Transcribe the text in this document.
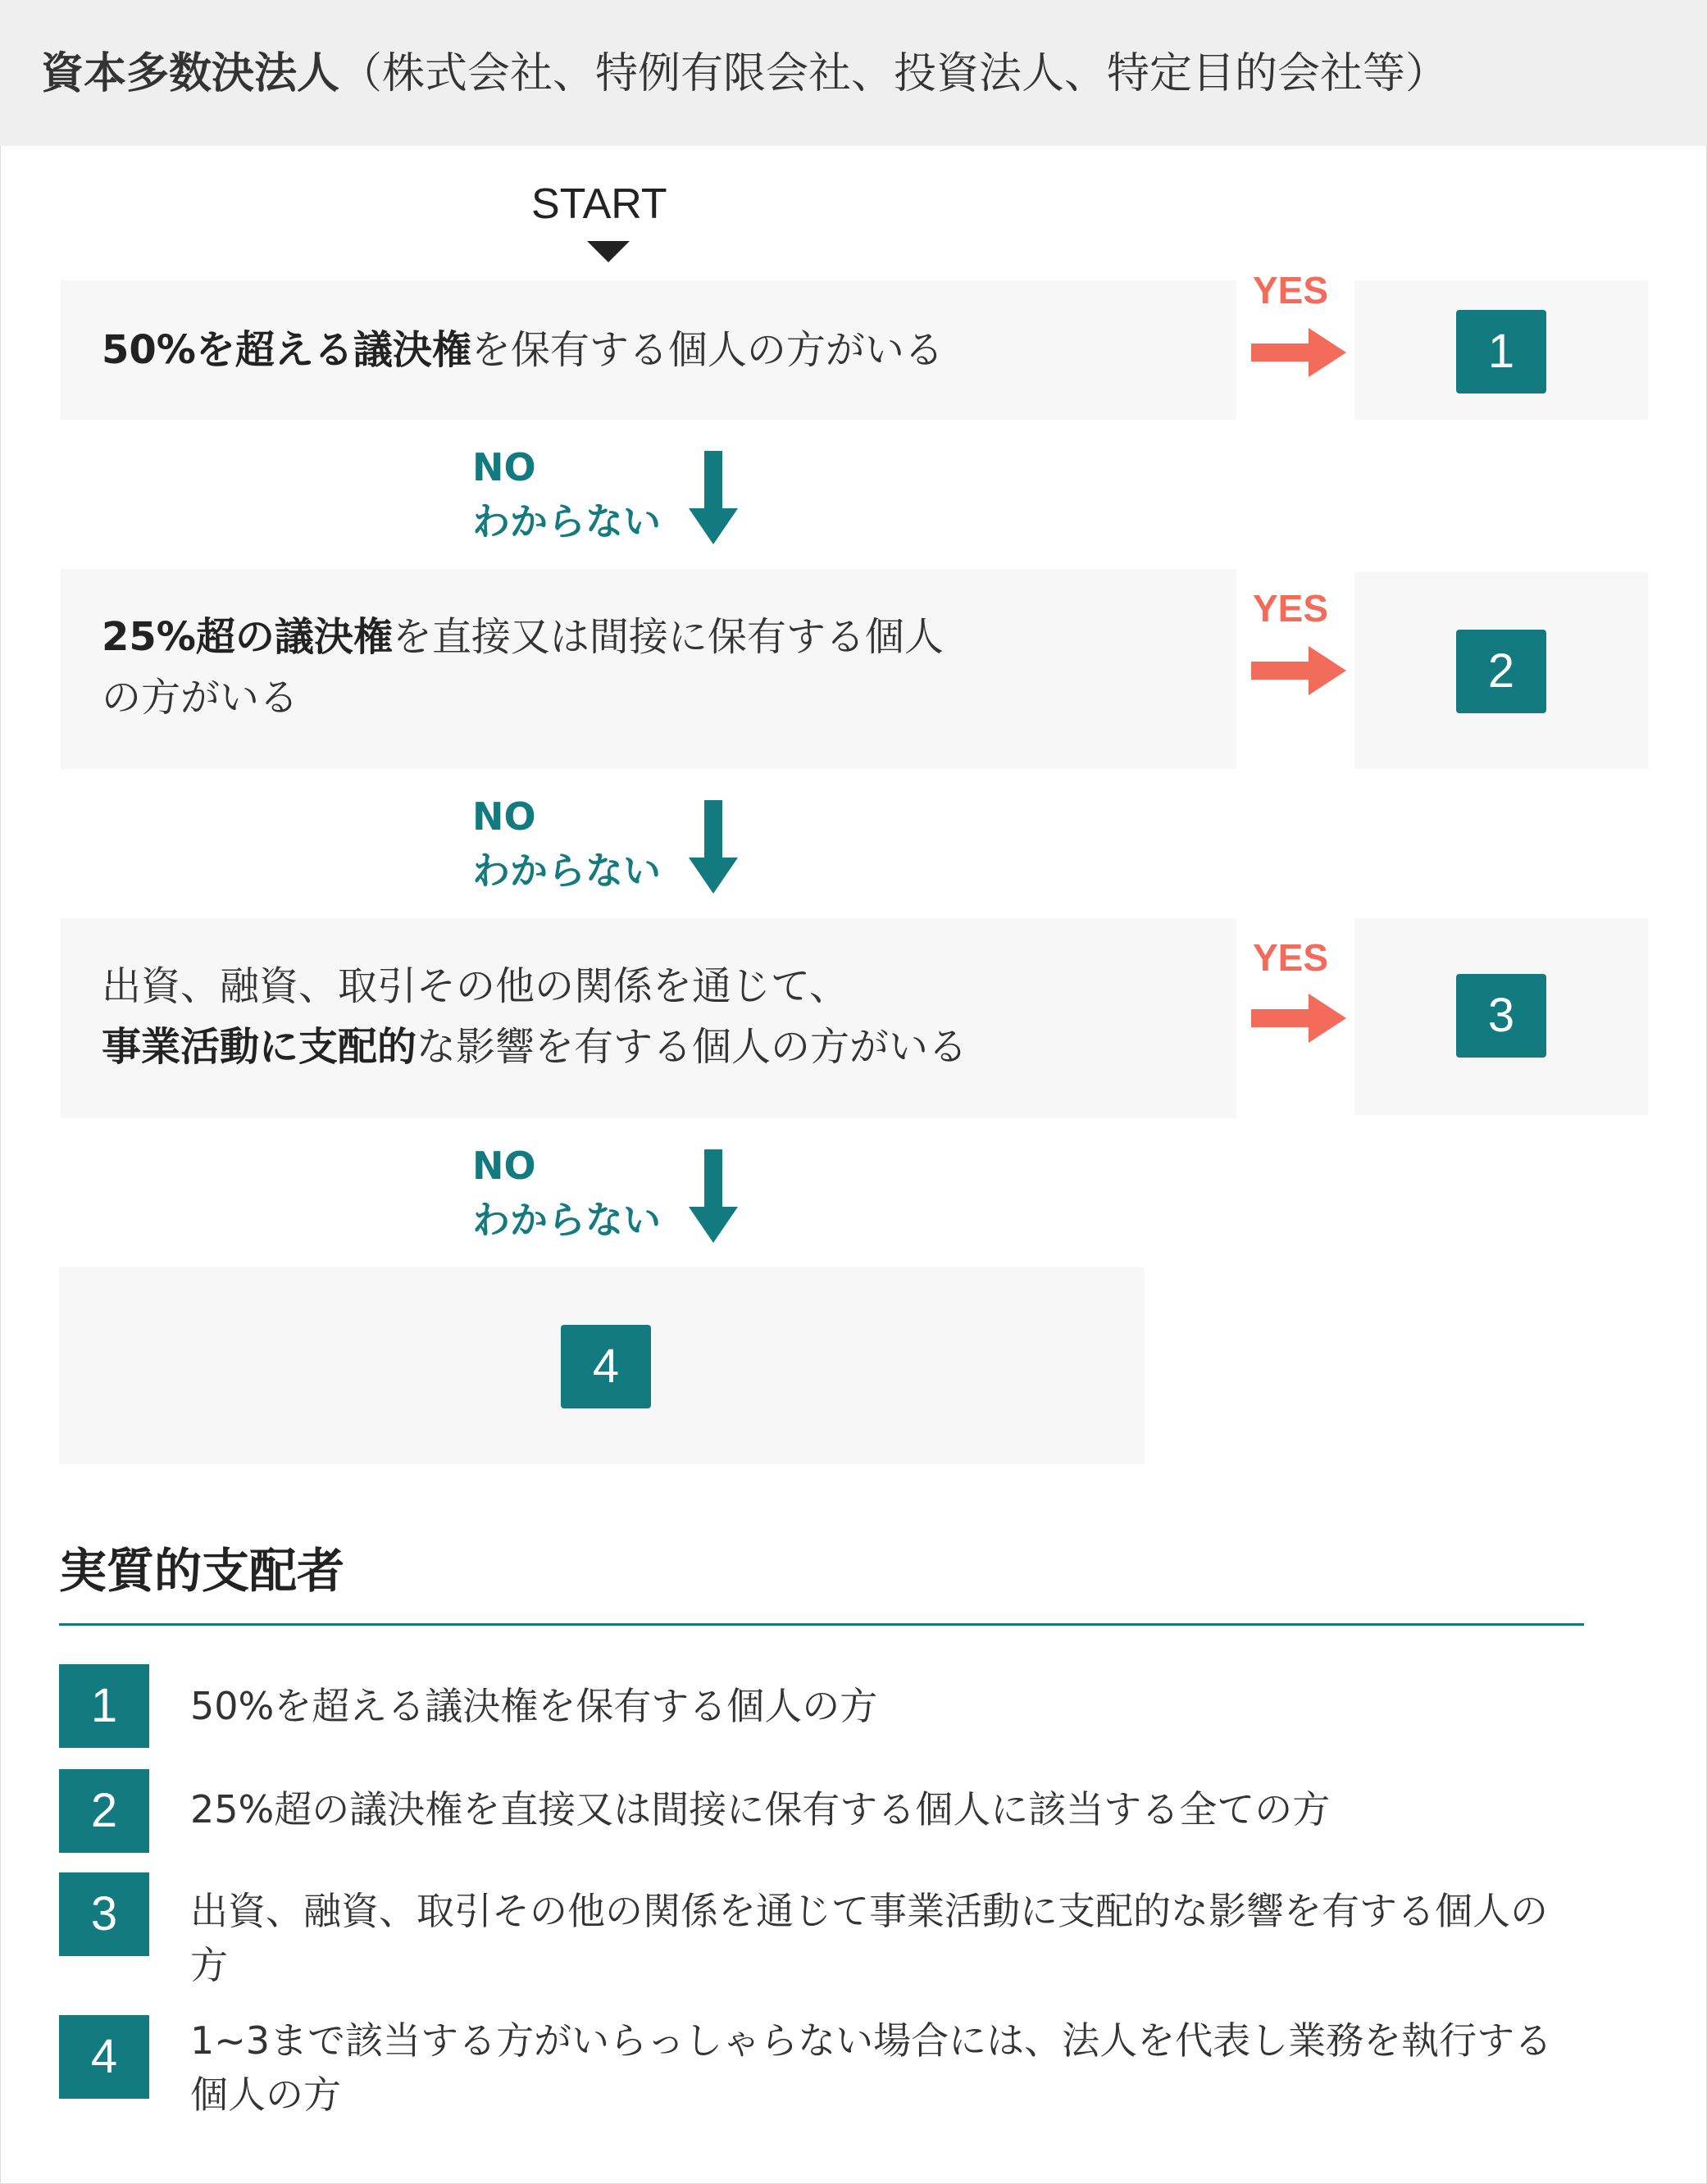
資本多数決法人（株式会社、特例有限会社、投資法人、特定目的会社等）
START
50%を超える議決権を保有する個人の方がいる
YES
1
NO
わからない
25%超の議決権を直接又は間接に保有する個人
の方がいる
YES
2
NO
わからない
出資、融資、取引その他の関係を通じて、
事業活動に支配的な影響を有する個人の方がいる
YES
3
NO
わからない
4
実質的支配者
1	50%を超える議決権を保有する個人の方
2	25%超の議決権を直接又は間接に保有する個人に該当する全ての方
3	出資、融資、取引その他の関係を通じて事業活動に支配的な影響を有する個人の方
4	1~3まで該当する方がいらっしゃらない場合には、法人を代表し業務を執行する個人の方
